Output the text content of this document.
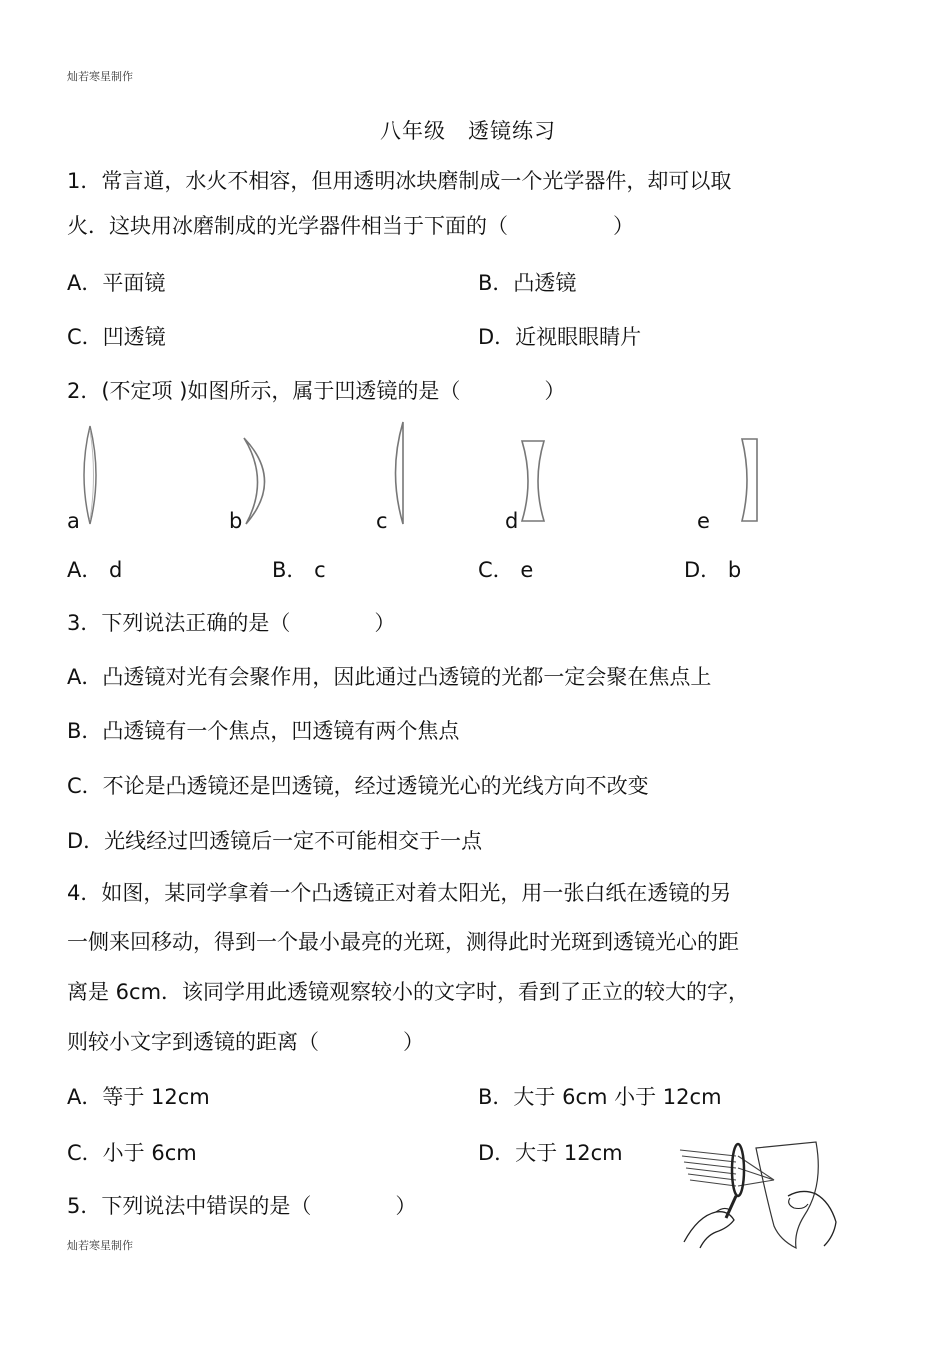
灿若寒星制作
八年级　透镜练习
1．常言道，水火不相容，但用透明冰块磨制成一个光学器件，却可以取
火．这块用冰磨制成的光学器件相当于下面的（　　　　　）
A．平面镜	B．凸透镜
C．凹透镜	D．近视眼眼睛片
2．(不定项 )如图所示，属于凹透镜的是（　　　　）
a	b	c	d	e
A． d	B． c	C． e	D． b
3．下列说法正确的是（　　　　）
A．凸透镜对光有会聚作用，因此通过凸透镜的光都一定会聚在焦点上
B．凸透镜有一个焦点，凹透镜有两个焦点
C．不论是凸透镜还是凹透镜，经过透镜光心的光线方向不改变
D．光线经过凹透镜后一定不可能相交于一点
4．如图，某同学拿着一个凸透镜正对着太阳光，用一张白纸在透镜的另
一侧来回移动，得到一个最小最亮的光斑，测得此时光斑到透镜光心的距
离是 6cm．该同学用此透镜观察较小的文字时，看到了正立的较大的字，
则较小文字到透镜的距离（　　　　）
A．等于 12cm	B．大于 6cm 小于 12cm
C．小于 6cm	D．大于 12cm
5．下列说法中错误的是（　　　　）
灿若寒星制作
